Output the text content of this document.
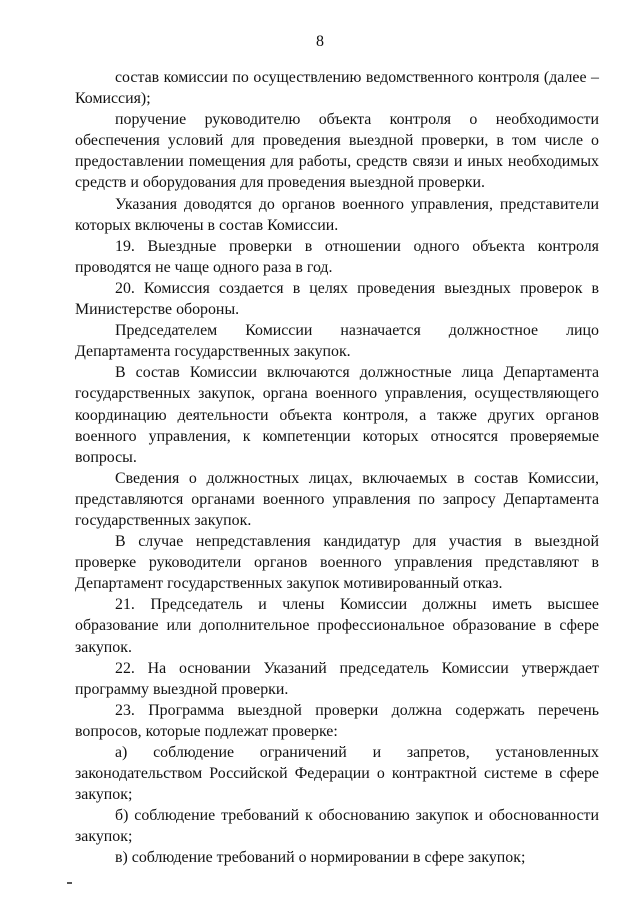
8

состав комиссии по осуществлению ведомственного контроля (далее – Комиссия);

поручение руководителю объекта контроля о необходимости обеспечения условий для проведения выездной проверки, в том числе о предоставлении помещения для работы, средств связи и иных необходимых средств и оборудования для проведения выездной проверки.

Указания доводятся до органов военного управления, представители которых включены в состав Комиссии.

19. Выездные проверки в отношении одного объекта контроля проводятся не чаще одного раза в год.

20. Комиссия создается в целях проведения выездных проверок в Министерстве обороны.

Председателем Комиссии назначается должностное лицо Департамента государственных закупок.

В состав Комиссии включаются должностные лица Департамента государственных закупок, органа военного управления, осуществляющего координацию деятельности объекта контроля, а также других органов военного управления, к компетенции которых относятся проверяемые вопросы.

Сведения о должностных лицах, включаемых в состав Комиссии, представляются органами военного управления по запросу Департамента государственных закупок.

В случае непредставления кандидатур для участия в выездной проверке руководители органов военного управления представляют в Департамент государственных закупок мотивированный отказ.

21. Председатель и члены Комиссии должны иметь высшее образование или дополнительное профессиональное образование в сфере закупок.

22. На основании Указаний председатель Комиссии утверждает программу выездной проверки.

23. Программа выездной проверки должна содержать перечень вопросов, которые подлежат проверке:

а) соблюдение ограничений и запретов, установленных законодательством Российской Федерации о контрактной системе в сфере закупок;

б) соблюдение требований к обоснованию закупок и обоснованности закупок;

в) соблюдение требований о нормировании в сфере закупок;
